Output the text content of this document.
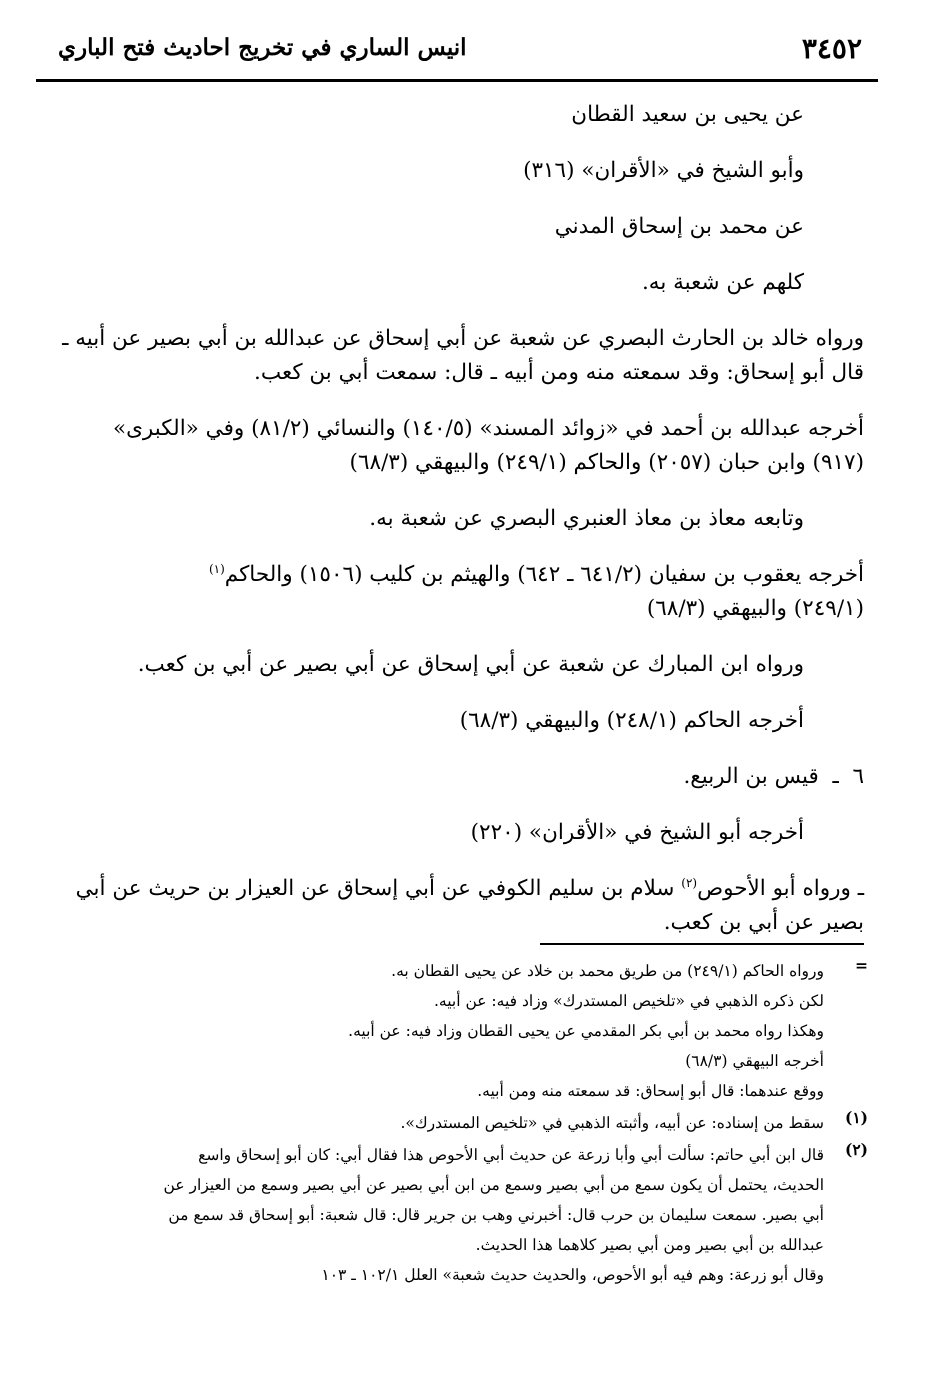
٣٤٥٢
انيس الساري في تخريج احاديث فتح الباري

عن يحيى بن سعيد القطان

وأبو الشيخ في «الأقران» (٣١٦)

عن محمد بن إسحاق المدني

كلهم عن شعبة به.

ورواه خالد بن الحارث البصري عن شعبة عن أبي إسحاق عن عبدالله بن أبي بصير عن أبيه ـ قال أبو إسحاق: وقد سمعته منه ومن أبيه ـ قال: سمعت أبي بن كعب.

أخرجه عبدالله بن أحمد في «زوائد المسند» (١٤٠/٥) والنسائي (٨١/٢) وفي «الكبرى» (٩١٧) وابن حبان (٢٠٥٧) والحاكم (٢٤٩/١) والبيهقي (٦٨/٣)

وتابعه معاذ بن معاذ العنبري البصري عن شعبة به.

أخرجه يعقوب بن سفيان (٦٤١/٢ ـ ٦٤٢) والهيثم بن كليب (١٥٠٦) والحاكم$^{(١)}$

(٢٤٩/١) والبيهقي (٦٨/٣)

ورواه ابن المبارك عن شعبة عن أبي إسحاق عن أبي بصير عن أبي بن كعب.

أخرجه الحاكم (٢٤٨/١) والبيهقي (٦٨/٣)

٦  ـ  قيس بن الربيع.

أخرجه أبو الشيخ في «الأقران» (٢٢٠)

ـ ورواه أبو الأحوص$^{(٢)}$ سلام بن سليم الكوفي عن أبي إسحاق عن العيزار بن حريث عن أبي بصير عن أبي بن كعب.

=

ورواه الحاكم (٢٤٩/١) من طريق محمد بن خلاد عن يحيى القطان به.

لكن ذكره الذهبي في «تلخيص المستدرك» وزاد فيه: عن أبيه.

وهكذا رواه محمد بن أبي بكر المقدمي عن يحيى القطان وزاد فيه: عن أبيه.

أخرجه البيهقي (٦٨/٣)

ووقع عندهما: قال أبو إسحاق: قد سمعته منه ومن أبيه.

(١)

سقط من إسناده: عن أبيه، وأثبته الذهبي في «تلخيص المستدرك».

(٢)

قال ابن أبي حاتم: سألت أبي وأبا زرعة عن حديث أبي الأحوص هذا فقال أبي: كان أبو إسحاق واسع الحديث، يحتمل أن يكون سمع من أبي بصير وسمع من ابن أبي بصير عن أبي بصير وسمع من العيزار عن أبي بصير. سمعت سليمان بن حرب قال: أخبرني وهب بن جرير قال: قال شعبة: أبو إسحاق قد سمع من عبدالله بن أبي بصير ومن أبي بصير كلاهما هذا الحديث.

وقال أبو زرعة: وهم فيه أبو الأحوص، والحديث حديث شعبة» العلل ١٠٢/١ ـ ١٠٣
